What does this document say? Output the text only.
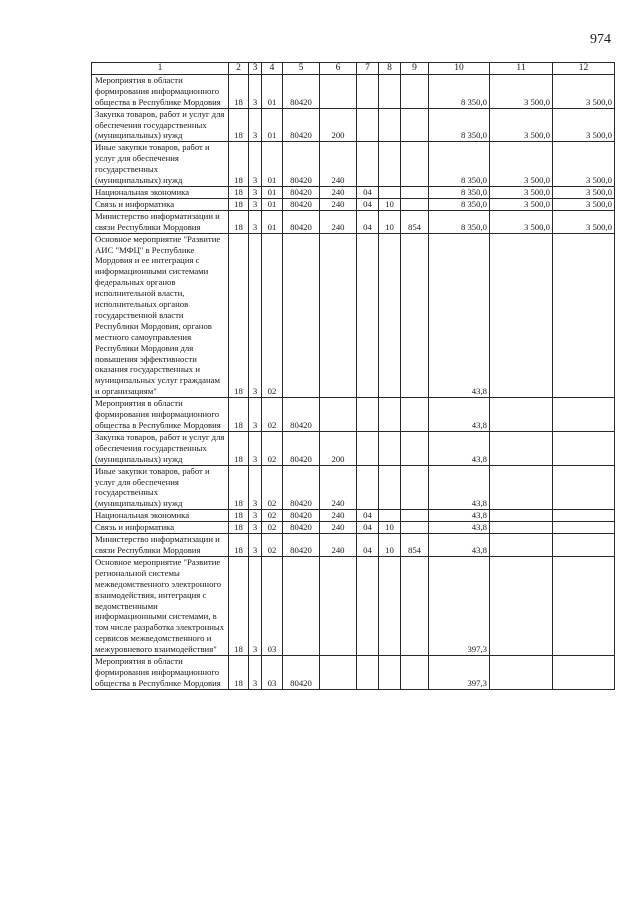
974
1	2	3	4	5	6	7	8	9	10	11	12
Мероприятия в области формирования информационного общества в Республике Мордовия	18	3	01	80420					8 350,0	3 500,0	3 500,0
Закупка товаров, работ и услуг для обеспечения государственных (муниципальных) нужд	18	3	01	80420	200				8 350,0	3 500,0	3 500,0
Иные закупки товаров, работ и услуг для обеспечения государственных (муниципальных) нужд	18	3	01	80420	240				8 350,0	3 500,0	3 500,0
Национальная экономика	18	3	01	80420	240	04			8 350,0	3 500,0	3 500,0
Связь и информатика	18	3	01	80420	240	04	10		8 350,0	3 500,0	3 500,0
Министерство информатизации и связи Республики Мордовия	18	3	01	80420	240	04	10	854	8 350,0	3 500,0	3 500,0
Основное мероприятие "Развитие АИС "МФЦ" в Республике Мордовия и ее интеграция с информационными системами федеральных органов исполнительной власти, исполнительных органов государственной власти Республики Мордовия, органов местного самоуправления Республики Мордовия для повышения эффективности оказания государственных и муниципальных услуг гражданам и организациям"	18	3	02						43,8		
Мероприятия в области формирования информационного общества в Республике Мордовия	18	3	02	80420					43,8		
Закупка товаров, работ и услуг для обеспечения государственных (муниципальных) нужд	18	3	02	80420	200				43,8		
Иные закупки товаров, работ и услуг для обеспечения государственных (муниципальных) нужд	18	3	02	80420	240				43,8		
Национальная экономика	18	3	02	80420	240	04			43,8		
Связь и информатика	18	3	02	80420	240	04	10		43,8		
Министерство информатизации и связи Республики Мордовия	18	3	02	80420	240	04	10	854	43,8		
Основное мероприятие "Развитие региональной системы межведомственного электронного взаимодействия, интеграция с ведомственными информационными системами, в том числе разработка электронных сервисов межведомственного и межуровневого взаимодействия"	18	3	03						397,3		
Мероприятия в области формирования информационного общества в Республике Мордовия	18	3	03	80420					397,3		
